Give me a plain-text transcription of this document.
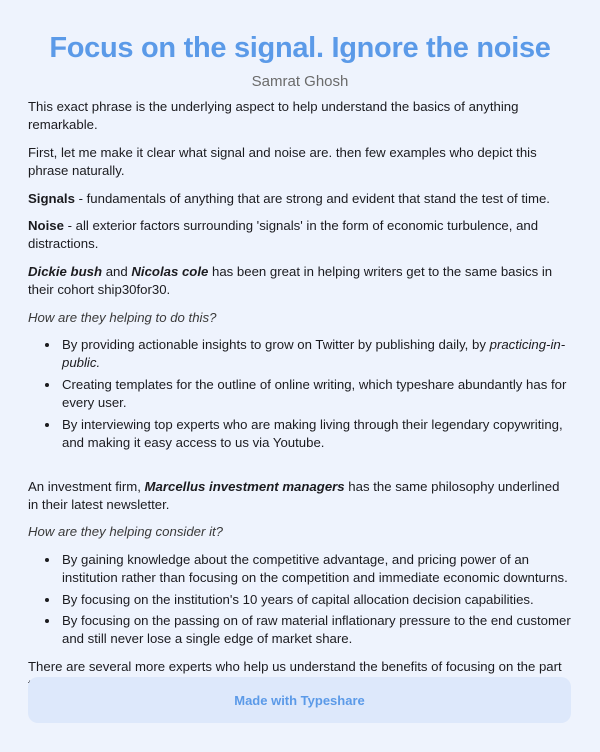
Focus on the signal. Ignore the noise
Samrat Ghosh

This exact phrase is the underlying aspect to help understand the basics of anything remarkable.

First, let me make it clear what signal and noise are. then few examples who depict this phrase naturally.

Signals - fundamentals of anything that are strong and evident that stand the test of time.

Noise - all exterior factors surrounding 'signals' in the form of economic turbulence, and distractions.

Dickie bush and Nicolas cole has been great in helping writers get to the same basics in their cohort ship30for30.

How are they helping to do this?

• By providing actionable insights to grow on Twitter by publishing daily, by practicing-in-public.
• Creating templates for the outline of online writing, which typeshare abundantly has for every user.
• By interviewing top experts who are making living through their legendary copywriting, and making it easy access to us via Youtube.

An investment firm, Marcellus investment managers has the same philosophy underlined in their latest newsletter.

How are they helping consider it?

• By gaining knowledge about the competitive advantage, and pricing power of an institution rather than focusing on the competition and immediate economic downturns.
• By focusing on the institution's 10 years of capital allocation decision capabilities.
• By focusing on the passing on of raw material inflationary pressure to the end customer and still never lose a single edge of market share.

There are several more experts who help us understand the benefits of focusing on the part

Made with Typeshare
